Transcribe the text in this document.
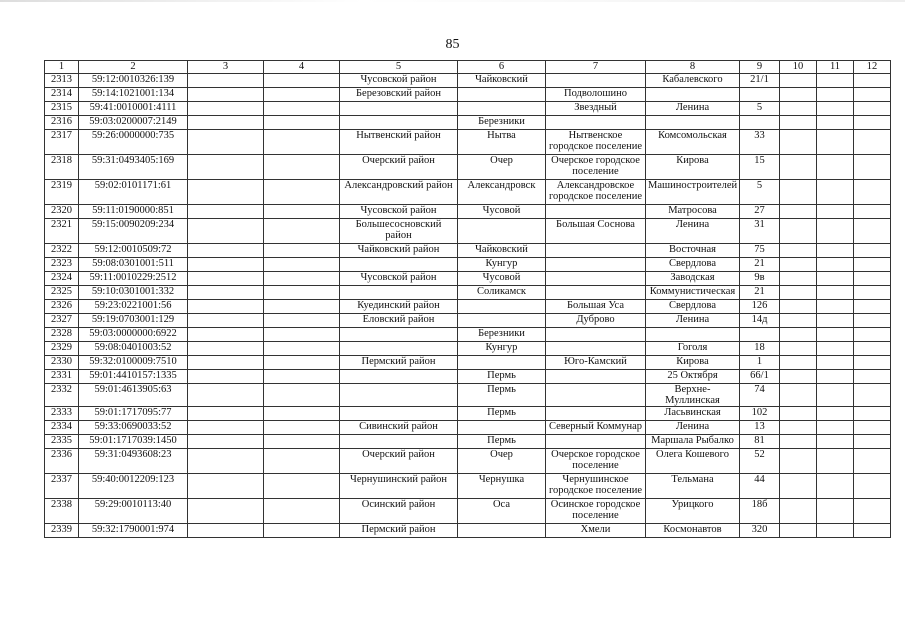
85
1	2	3	4	5	6	7	8	9	10	11	12
2313	59:12:0010326:139			Чусовской район	Чайковский		Кабалевского	21/1			
2314	59:14:1021001:134			Березовский район		Подволошино					
2315	59:41:0010001:4111					Звездный	Ленина	5			
2316	59:03:0200007:2149				Березники						
2317	59:26:0000000:735			Нытвенский район	Нытва	Нытвенское городское поселение	Комсомольская	33			
2318	59:31:0493405:169			Очерский район	Очер	Очерское городское поселение	Кирова	15			
2319	59:02:0101171:61			Александровский район	Александровск	Александровское городское поселение	Машиностроителей	5			
2320	59:11:0190000:851			Чусовской район	Чусовой		Матросова	27			
2321	59:15:0090209:234			Большесосновский район		Большая Соснова	Ленина	31			
2322	59:12:0010509:72			Чайковский район	Чайковский		Восточная	75			
2323	59:08:0301001:511				Кунгур		Свердлова	21			
2324	59:11:0010229:2512			Чусовской район	Чусовой		Заводская	9в			
2325	59:10:0301001:332				Соликамск		Коммунистическая	21			
2326	59:23:0221001:56			Куединский район		Большая Уса	Свердлова	126			
2327	59:19:0703001:129			Еловский район		Дуброво	Ленина	14д			
2328	59:03:0000000:6922				Березники						
2329	59:08:0401003:52				Кунгур		Гоголя	18			
2330	59:32:0100009:7510			Пермский район		Юго-Камский	Кирова	1			
2331	59:01:4410157:1335				Пермь		25 Октября	66/1			
2332	59:01:4613905:63				Пермь		Верхне-Муллинская	74			
2333	59:01:1717095:77				Пермь		Ласьвинская	102			
2334	59:33:0690033:52			Сивинский район		Северный Коммунар	Ленина	13			
2335	59:01:1717039:1450				Пермь		Маршала Рыбалко	81			
2336	59:31:0493608:23			Очерский район	Очер	Очерское городское поселение	Олега Кошевого	52			
2337	59:40:0012209:123			Чернушинский район	Чернушка	Чернушинское городское поселение	Тельмана	44			
2338	59:29:0010113:40			Осинский район	Оса	Осинское городское поселение	Урицкого	18б			
2339	59:32:1790001:974			Пермский район		Хмели	Космонавтов	320			
